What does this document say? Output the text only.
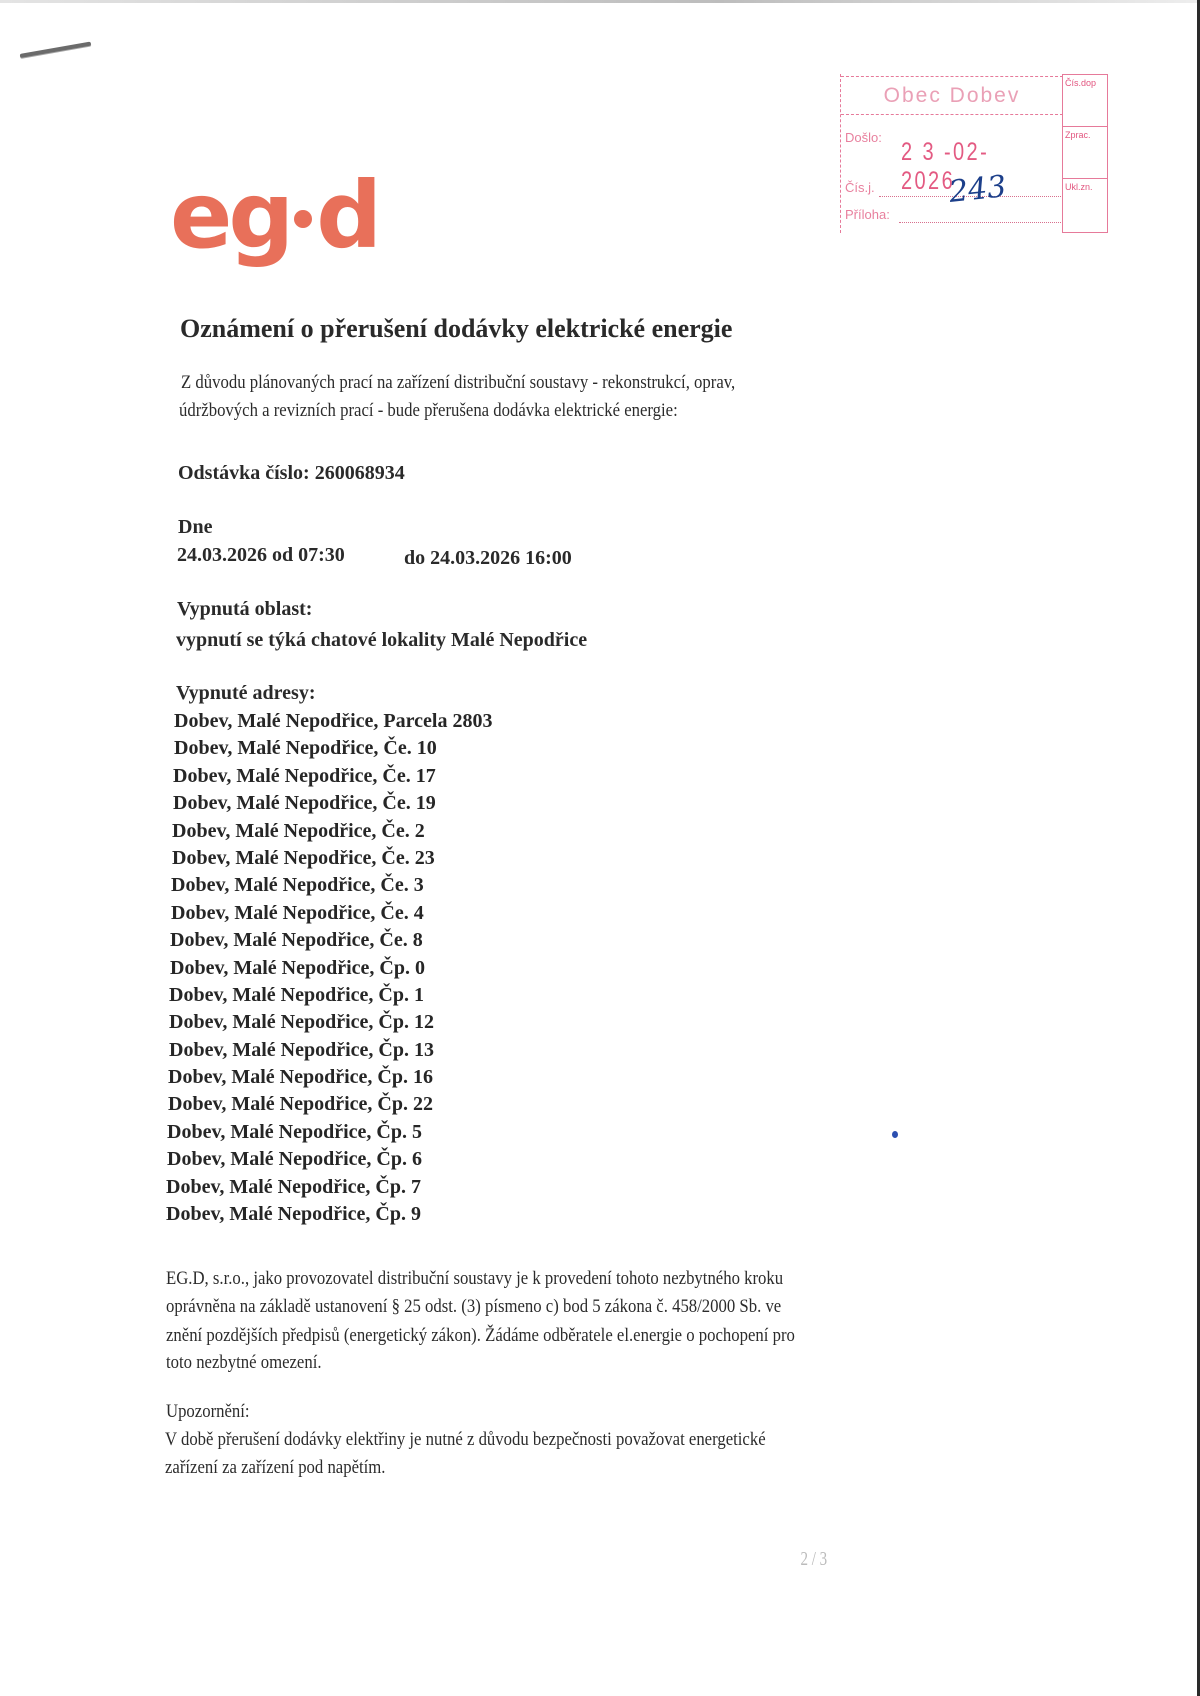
eg d
Obec Dobev
Došlo:
2 3 -02- 2026
Čís.j. 243
Příloha:
Čís.dop
Zprac.
Ukl.zn.
Oznámení o přerušení dodávky elektrické energie
Z důvodu plánovaných prací na zařízení distribuční soustavy - rekonstrukcí, oprav,
údržbových a revizních prací - bude přerušena dodávka elektrické energie:
Odstávka číslo: 260068934
Dne
24.03.2026 od 07:30	do 24.03.2026 16:00
Vypnutá oblast:
vypnutí se týká chatové lokality Malé Nepodřice
Vypnuté adresy:
Dobev, Malé Nepodřice, Parcela 2803
Dobev, Malé Nepodřice, Če. 10
Dobev, Malé Nepodřice, Če. 17
Dobev, Malé Nepodřice, Če. 19
Dobev, Malé Nepodřice, Če. 2
Dobev, Malé Nepodřice, Če. 23
Dobev, Malé Nepodřice, Če. 3
Dobev, Malé Nepodřice, Če. 4
Dobev, Malé Nepodřice, Če. 8
Dobev, Malé Nepodřice, Čp. 0
Dobev, Malé Nepodřice, Čp. 1
Dobev, Malé Nepodřice, Čp. 12
Dobev, Malé Nepodřice, Čp. 13
Dobev, Malé Nepodřice, Čp. 16
Dobev, Malé Nepodřice, Čp. 22
Dobev, Malé Nepodřice, Čp. 5
Dobev, Malé Nepodřice, Čp. 6
Dobev, Malé Nepodřice, Čp. 7
Dobev, Malé Nepodřice, Čp. 9
EG.D, s.r.o., jako provozovatel distribuční soustavy je k provedení tohoto nezbytného kroku
oprávněna na základě ustanovení § 25 odst. (3) písmeno c) bod 5 zákona č. 458/2000 Sb. ve
znění pozdějších předpisů (energetický zákon). Žádáme odběratele el.energie o pochopení pro
toto nezbytné omezení.
Upozornění:
V době přerušení dodávky elektřiny je nutné z důvodu bezpečnosti považovat energetické
zařízení za zařízení pod napětím.
2 / 3
